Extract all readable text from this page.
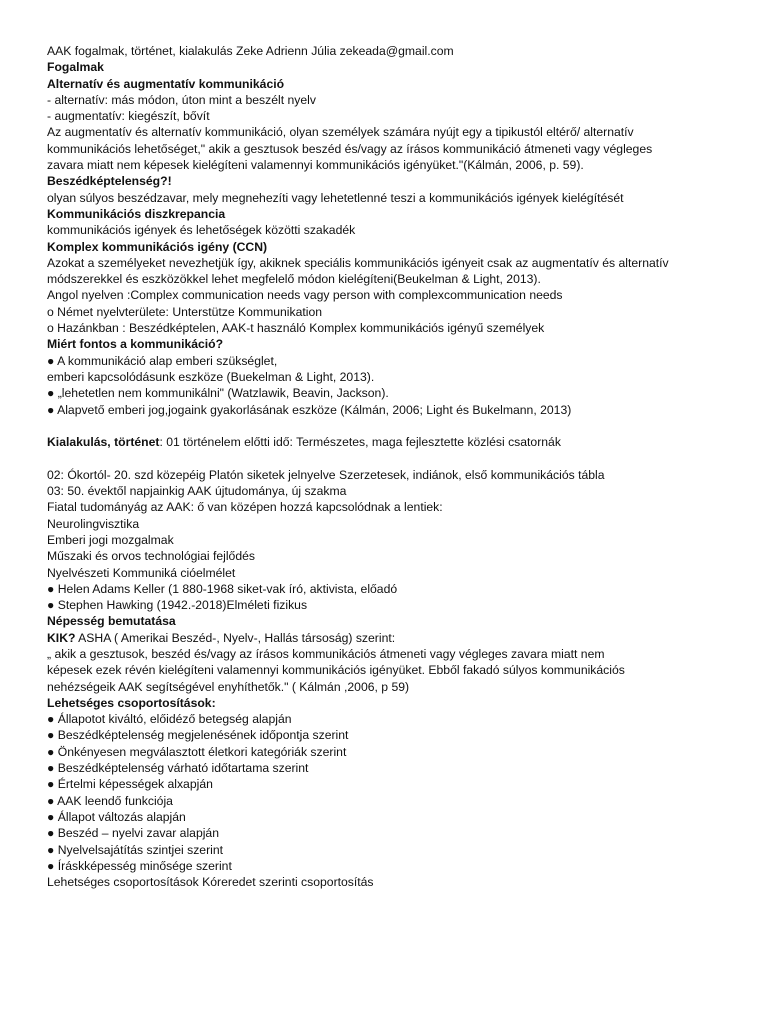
AAK fogalmak, történet, kialakulás Zeke Adrienn Júlia zekeada@gmail.com
Fogalmak
Alternatív és augmentatív kommunikáció
- alternatív: más módon, úton mint a beszélt nyelv
- augmentatív: kiegészít, bővít
Az augmentatív és alternatív kommunikáció, olyan személyek számára nyújt egy a tipikustól eltérő/ alternatív
kommunikációs lehetőséget," akik a gesztusok beszéd és/vagy az írásos kommunikáció átmeneti vagy végleges
zavara miatt nem képesek kielégíteni valamennyi kommunikációs igényüket."(Kálmán, 2006, p. 59).
Beszédképtelenség?!
olyan súlyos beszédzavar, mely megnehezíti vagy lehetetlenné teszi a kommunikációs igények kielégítését
Kommunikációs diszkrepancia
kommunikációs igények és lehetőségek közötti szakadék
Komplex kommunikációs igény (CCN)
Azokat a személyeket nevezhetjük így, akiknek speciális kommunikációs igényeit csak az augmentatív és alternatív
módszerekkel és eszközökkel lehet megfelelő módon kielégíteni(Beukelman & Light, 2013).
Angol nyelven :Complex communication needs vagy person with complexcommunication needs
o Német nyelvterülete: Unterstütze Kommunikation
o Hazánkban : Beszédképtelen, AAK-t használó Komplex kommunikációs igényű személyek
Miért fontos a kommunikáció?
● A kommunikáció alap emberi szükséglet,
emberi kapcsolódásunk eszköze (Buekelman & Light, 2013).
● „lehetetlen nem kommunikálni" (Watzlawik, Beavin, Jackson).
● Alapvető emberi jog,jogaink gyakorlásának eszköze (Kálmán, 2006; Light és Bukelmann, 2013)
Kialakulás, történet: 01 történelem előtti idő: Természetes, maga fejlesztette közlési csatornák
02: Ókortól- 20. szd közepéig Platón siketek jelnyelve Szerzetesek, indiánok, első kommunikációs tábla
03: 50. évektől napjainkig AAK újtudománya, új szakma
Fiatal tudományág az AAK: ő van középen hozzá kapcsolódnak a lentiek:
Neurolingvisztika
Emberi jogi mozgalmak
Műszaki és orvos technológiai fejlődés
Nyelvészeti Kommuniká cióelmélet
● Helen Adams Keller (1 880-1968 siket-vak író, aktivista, előadó
● Stephen Hawking (1942.-2018)Elméleti fizikus
Népesség bemutatása
KIK? ASHA ( Amerikai Beszéd-, Nyelv-, Hallás társoság) szerint:
„ akik a gesztusok, beszéd és/vagy az írásos kommunikációs átmeneti vagy végleges zavara miatt nem
képesek ezek révén kielégíteni valamennyi kommunikációs igényüket. Ebből fakadó súlyos kommunikációs
nehézségeik AAK segítségével enyhíthetők." ( Kálmán ,2006, p 59)
Lehetséges csoportosítások:
● Állapotot kiváltó, előidéző betegség alapján
● Beszédképtelenség megjelenésének időpontja szerint
● Önkényesen megválasztott életkori kategóriák szerint
● Beszédképtelenség várható időtartama szerint
● Értelmi képességek alxapján
● AAK leendő funkciója
● Állapot változás alapján
● Beszéd – nyelvi zavar alapján
● Nyelvelsajátítás szintjei szerint
● Íráskképesség minősége szerint
Lehetséges csoportosítások Kóreredet szerinti csoportosítás
